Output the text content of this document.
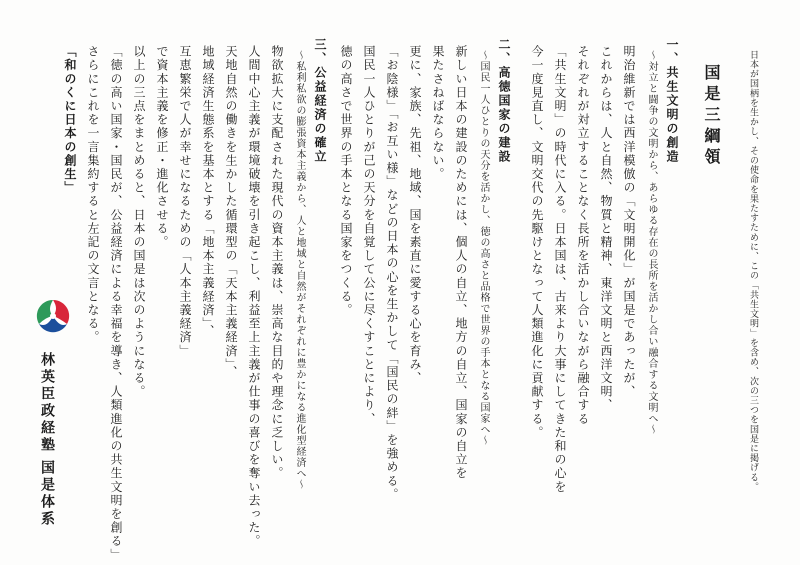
日本が国柄を生かし、その使命を果たすために、この「共生文明」を含め、次の三つを国是に掲げる。
国是三綱領
一、共生文明の創造
〜対立と闘争の文明から、あらゆる存在の長所を活かし合い融合する文明へ〜
明治維新では西洋模倣の「文明開化」が国是であったが、
これからは、人と自然、物質と精神、東洋文明と西洋文明、
それぞれが対立することなく長所を活かし合いながら融合する
「共生文明」の時代に入る。日本国は、古来より大事にしてきた和の心を
今一度見直し、文明交代の先駆けとなって人類進化に貢献する。
二、高徳国家の建設
〜国民一人ひとりの天分を活かし、徳の高さと品格で世界の手本となる国家へ〜
新しい日本の建設のためには、個人の自立、地方の自立、国家の自立を
果たさねばならない。
更に、家族、先祖、地域、国を素直に愛する心を育み、
「お陰様」「お互い様」などの日本の心を生かして「国民の絆」を強める。
国民一人ひとりが己の天分を自覚して公に尽くすことにより、
徳の高さで世界の手本となる国家をつくる。
三、公益経済の確立
〜私利私欲の膨張資本主義から、人と地域と自然がそれぞれに豊かになる進化型経済へ〜
物欲拡大に支配された現代の資本主義は、崇高な目的や理念に乏しい。
人間中心主義が環境破壊を引き起こし、利益至上主義が仕事の喜びを奪い去った。
天地自然の働きを生かした循環型の「天本主義経済」、
地域経済生態系を基本とする「地本主義経済」、
互恵繁栄で人が幸せになるための「人本主義経済」
で資本主義を修正・進化させる。
以上の三点をまとめると、日本の国是は次のようになる。
「徳の高い国家・国民が、公益経済による幸福を導き、人類進化の共生文明を創る」
さらにこれを一言集約すると左記の文言となる。
「和のくに日本の創生」
林英臣政経塾
国是体系
